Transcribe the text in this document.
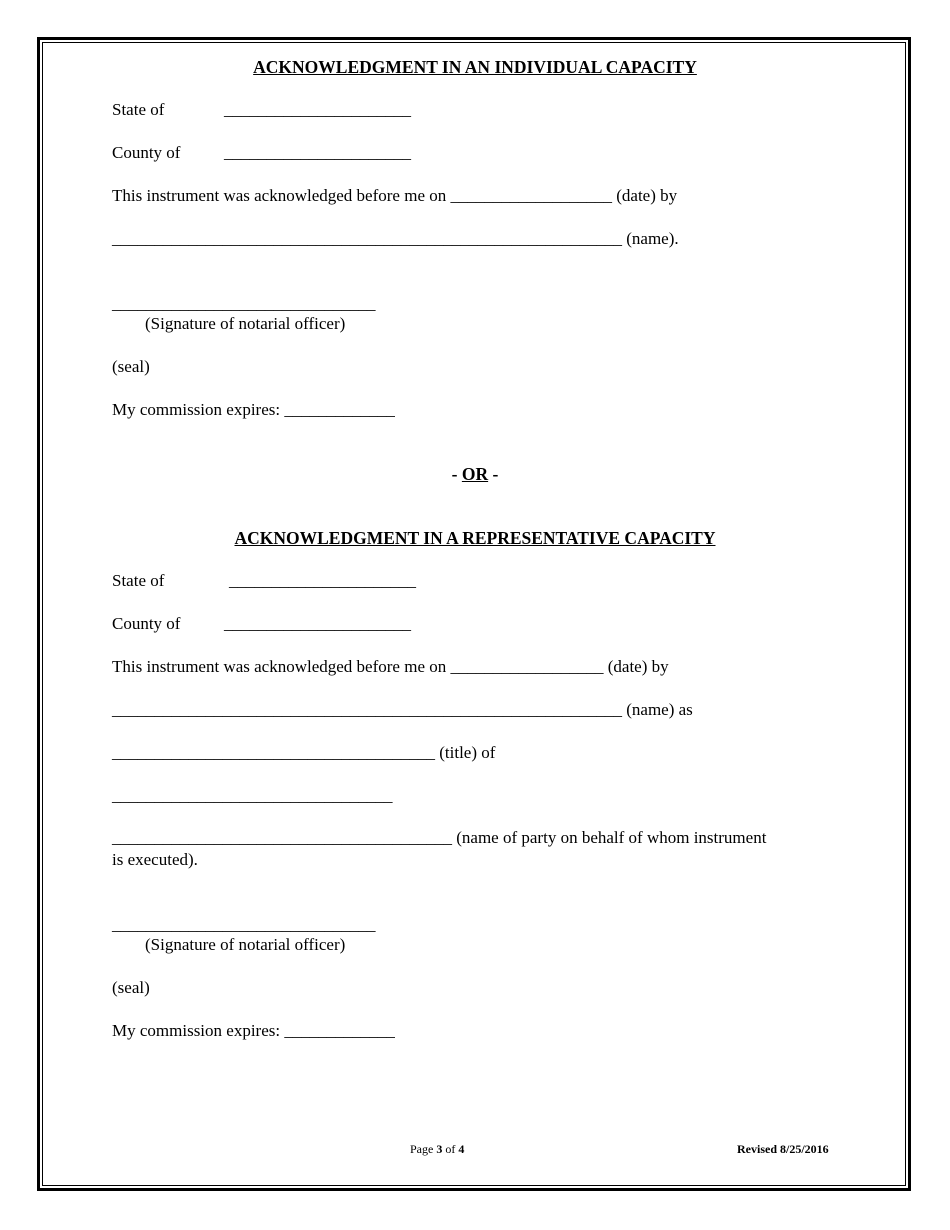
ACKNOWLEDGMENT IN AN INDIVIDUAL CAPACITY
State of	______________________
County of	______________________
This instrument was acknowledged before me on ___________________ (date) by
____________________________________________________________ (name).
_______________________________
(Signature of notarial officer)
(seal)
My commission expires: _____________
- OR -
ACKNOWLEDGMENT IN A REPRESENTATIVE CAPACITY
State of	______________________
County of	______________________
This instrument was acknowledged before me on __________________ (date) by
____________________________________________________________ (name) as
______________________________________ (title) of
_________________________________
________________________________________ (name of party on behalf of whom instrument
is executed).
_______________________________
(Signature of notarial officer)
(seal)
My commission expires: _____________
Page 3 of 4	Revised 8/25/2016
